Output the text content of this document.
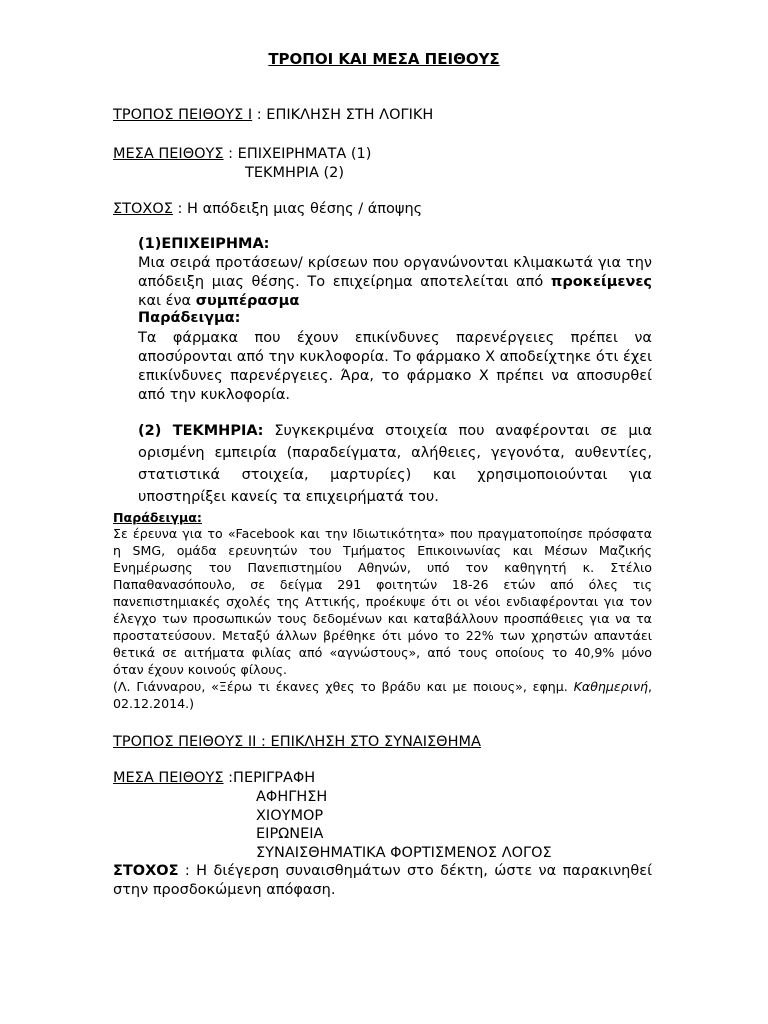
ΤΡΟΠΟΙ ΚΑΙ ΜΕΣΑ ΠΕΙΘΟΥΣ
ΤΡΟΠΟΣ ΠΕΙΘΟΥΣ Ι : ΕΠΙΚΛΗΣΗ ΣΤΗ ΛΟΓΙΚΗ
ΜΕΣΑ ΠΕΙΘΟΥΣ : ΕΠΙΧΕΙΡΗΜΑΤΑ (1)
ΤΕΚΜΗΡΙΑ (2)
ΣΤΟΧΟΣ : Η απόδειξη μιας θέσης / άποψης
(1)ΕΠΙΧΕΙΡΗΜΑ:
Μια σειρά προτάσεων/ κρίσεων που οργανώνονται κλιμακωτά για την απόδειξη μιας θέσης. Το επιχείρημα αποτελείται από προκείμενες και ένα συμπέρασμα
Παράδειγμα:
Τα φάρμακα που έχουν επικίνδυνες παρενέργειες πρέπει να αποσύρονται από την κυκλοφορία. Το φάρμακο Χ αποδείχτηκε ότι έχει επικίνδυνες παρενέργειες. Άρα, το φάρμακο Χ πρέπει να αποσυρθεί από την κυκλοφορία.
(2) ΤΕΚΜΗΡΙΑ: Συγκεκριμένα στοιχεία που αναφέρονται σε μια ορισμένη εμπειρία (παραδείγματα, αλήθειες, γεγονότα, αυθεντίες, στατιστικά στοιχεία, μαρτυρίες) και χρησιμοποιούνται για υποστηρίξει κανείς τα επιχειρήματά του.
Παράδειγμα:
Σε έρευνα για το «Facebook και την Ιδιωτικότητα» που πραγματοποίησε πρόσφατα η SMG, ομάδα ερευνητών του Τμήματος Επικοινωνίας και Μέσων Μαζικής Ενημέρωσης του Πανεπιστημίου Αθηνών, υπό τον καθηγητή κ. Στέλιο Παπαθανασόπουλο, σε δείγμα 291 φοιτητών 18-26 ετών από όλες τις πανεπιστημιακές σχολές της Αττικής, προέκυψε ότι οι νέοι ενδιαφέρονται για τον έλεγχο των προσωπικών τους δεδομένων και καταβάλλουν προσπάθειες για να τα προστατεύσουν. Μεταξύ άλλων βρέθηκε ότι μόνο το 22% των χρηστών απαντάει θετικά σε αιτήματα φιλίας από «αγνώστους», από τους οποίους το 40,9% μόνο όταν έχουν κοινούς φίλους.
(Λ. Γιάνναρου, «Ξέρω τι έκανες χθες το βράδυ και με ποιους», εφημ. Καθημερινή, 02.12.2014.)
ΤΡΟΠΟΣ ΠΕΙΘΟΥΣ ΙΙ : ΕΠΙΚΛΗΣΗ ΣΤΟ ΣΥΝΑΙΣΘΗΜΑ
ΜΕΣΑ ΠΕΙΘΟΥΣ :ΠΕΡΙΓΡΑΦΗ
ΑΦΗΓΗΣΗ
ΧΙΟΥΜΟΡ
ΕΙΡΩΝΕΙΑ
ΣΥΝΑΙΣΘΗΜΑΤΙΚΑ ΦΟΡΤΙΣΜΕΝΟΣ ΛΟΓΟΣ
ΣΤΟΧΟΣ : Η διέγερση συναισθημάτων στο δέκτη, ώστε να παρακινηθεί στην προσδοκώμενη απόφαση.
